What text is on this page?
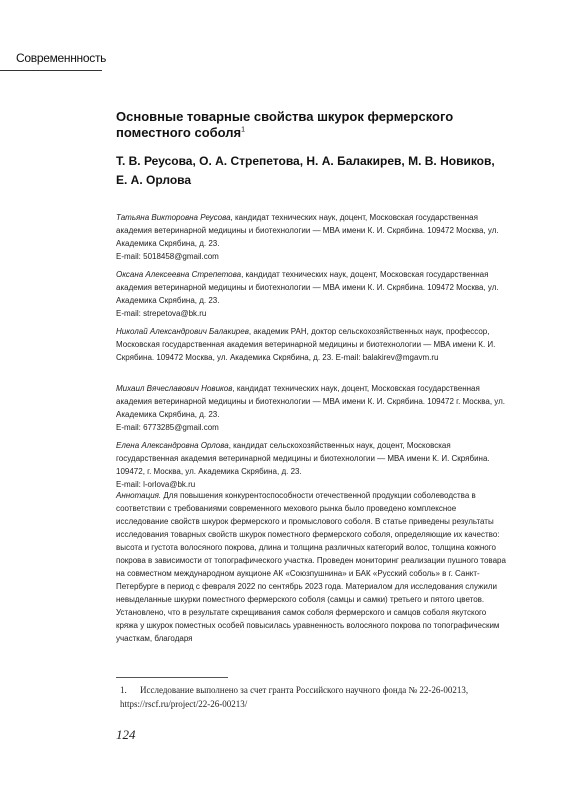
Современнность
Основные товарные свойства шкурок фермерского поместного соболя$^1$
Т. В. Реусова, О. А. Стрепетова, Н. А. Балакирев, М. В. Новиков, Е. А. Орлова
Татьяна Викторовна Реусова, кандидат технических наук, доцент, Московская государственная академия ветеринарной медицины и биотехнологии — МВА имени К. И. Скрябина. 109472 Москва, ул. Академика Скрябина, д. 23.
E-mail: 5018458@gmail.com
Оксана Алексеевна Стрепетова, кандидат технических наук, доцент, Московская государственная академия ветеринарной медицины и биотехнологии — МВА имени К. И. Скрябина. 109472 Москва, ул. Академика Скрябина, д. 23.
E-mail: strepetova@bk.ru
Николай Александрович Балакирев, академик РАН, доктор сельскохозяйственных наук, профессор, Московская государственная академия ветеринарной медицины и биотехнологии — МВА имени К. И. Скрябина. 109472 Москва, ул. Академика Скрябина, д. 23. E-mail: balakirev@mgavm.ru
Михаил Вячеславович Новиков, кандидат технических наук, доцент, Московская государственная академия ветеринарной медицины и биотехнологии — МВА имени К. И. Скрябина. 109472 г. Москва, ул. Академика Скрябина, д. 23.
E-mail: 6773285@gmail.com
Елена Александровна Орлова, кандидат сельскохозяйственных наук, доцент, Московская государственная академия ветеринарной медицины и биотехнологии — МВА имени К. И. Скрябина. 109472, г. Москва, ул. Академика Скрябина, д. 23.
E-mail: l-orlova@bk.ru
Аннотация. Для повышения конкурентоспособности отечественной продукции соболеводства в соответствии с требованиями современного мехового рынка было проведено комплексное исследование свойств шкурок фермерского и промыслового соболя. В статье приведены результаты исследования товарных свойств шкурок поместного фермерского соболя, определяющие их качество: высота и густота волосяного покрова, длина и толщина различных категорий волос, толщина кожного покрова в зависимости от топографического участка. Проведен мониторинг реализации пушного товара на совместном международном аукционе АК «Союзпушнина» и БАК «Русский соболь» в г. Санкт-Петербурге в период с февраля 2022 по сентябрь 2023 года. Материалом для исследования служили невыделанные шкурки поместного фермерского соболя (самцы и самки) третьего и пятого цветов. Установлено, что в результате скрещивания самок соболя фермерского и самцов соболя якутского кряжа у шкурок поместных особей повысилась уравненность волосяного покрова по топографическим участкам, благодаря
1. Исследование выполнено за счет гранта Российского научного фонда № 22-26-00213, https://rscf.ru/project/22-26-00213/
124
